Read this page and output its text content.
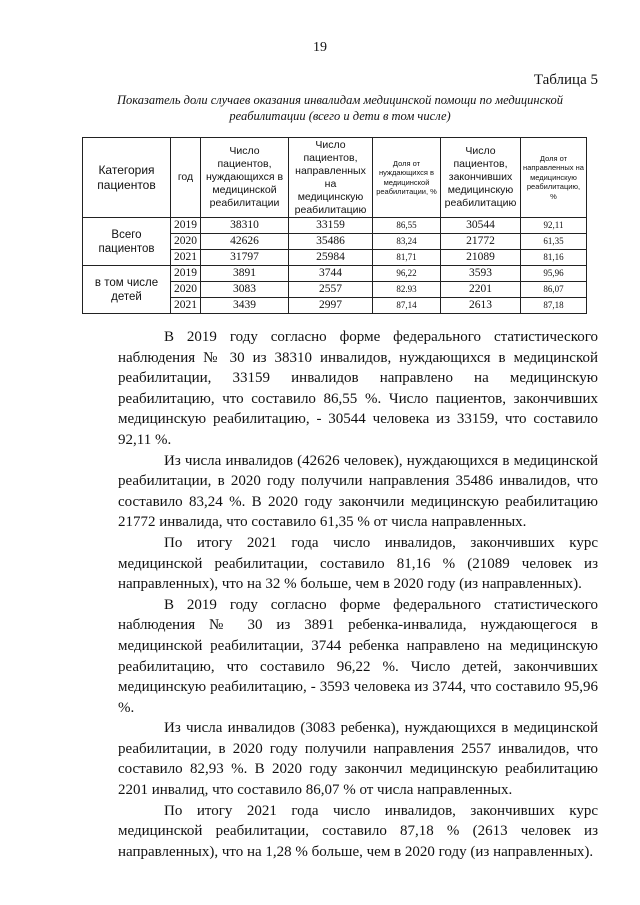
19
Таблица 5
Показатель доли случаев оказания инвалидам медицинской помощи по медицинской реабилитации (всего и дети в том числе)
Категория пациентов	год	Число пациентов, нуждающихся в медицинской реабилитации	Число пациентов, направленных на медицинскую реабилитацию	Доля от нуждающихся в медицинской реабилитации, %	Число пациентов, закончивших медицинскую реабилитацию	Доля от направленных на медицинскую реабилитацию, %
Всего пациентов	2019	38310	33159	86,55	30544	92,11
	2020	42626	35486	83,24	21772	61,35
	2021	31797	25984	81,71	21089	81,16
в том числе детей	2019	3891	3744	96,22	3593	95,96
	2020	3083	2557	82.93	2201	86,07
	2021	3439	2997	87,14	2613	87,18

В 2019 году согласно форме федерального статистического наблюдения № 30 из 38310 инвалидов, нуждающихся в медицинской реабилитации, 33159 инвалидов направлено на медицинскую реабилитацию, что составило 86,55 %. Число пациентов, закончивших медицинскую реабилитацию, - 30544 человека из 33159, что составило 92,11 %.

Из числа инвалидов (42626 человек), нуждающихся в медицинской реабилитации, в 2020 году получили направления 35486 инвалидов, что составило 83,24 %. В 2020 году закончили медицинскую реабилитацию 21772 инвалида, что составило 61,35 % от числа направленных.

По итогу 2021 года число инвалидов, закончивших курс медицинской реабилитации, составило 81,16 % (21089 человек из направленных), что на 32 % больше, чем в 2020 году (из направленных).

В 2019 году согласно форме федерального статистического наблюдения № 30 из 3891 ребенка-инвалида, нуждающегося в медицинской реабилитации, 3744 ребенка направлено на медицинскую реабилитацию, что составило 96,22 %. Число детей, закончивших медицинскую реабилитацию, - 3593 человека из 3744, что составило 95,96 %.

Из числа инвалидов (3083 ребенка), нуждающихся в медицинской реабилитации, в 2020 году получили направления 2557 инвалидов, что составило 82,93 %. В 2020 году закончил медицинскую реабилитацию 2201 инвалид, что составило 86,07 % от числа направленных.

По итогу 2021 года число инвалидов, закончивших курс медицинской реабилитации, составило 87,18 % (2613 человек из направленных), что на 1,28 % больше, чем в 2020 году (из направленных).
